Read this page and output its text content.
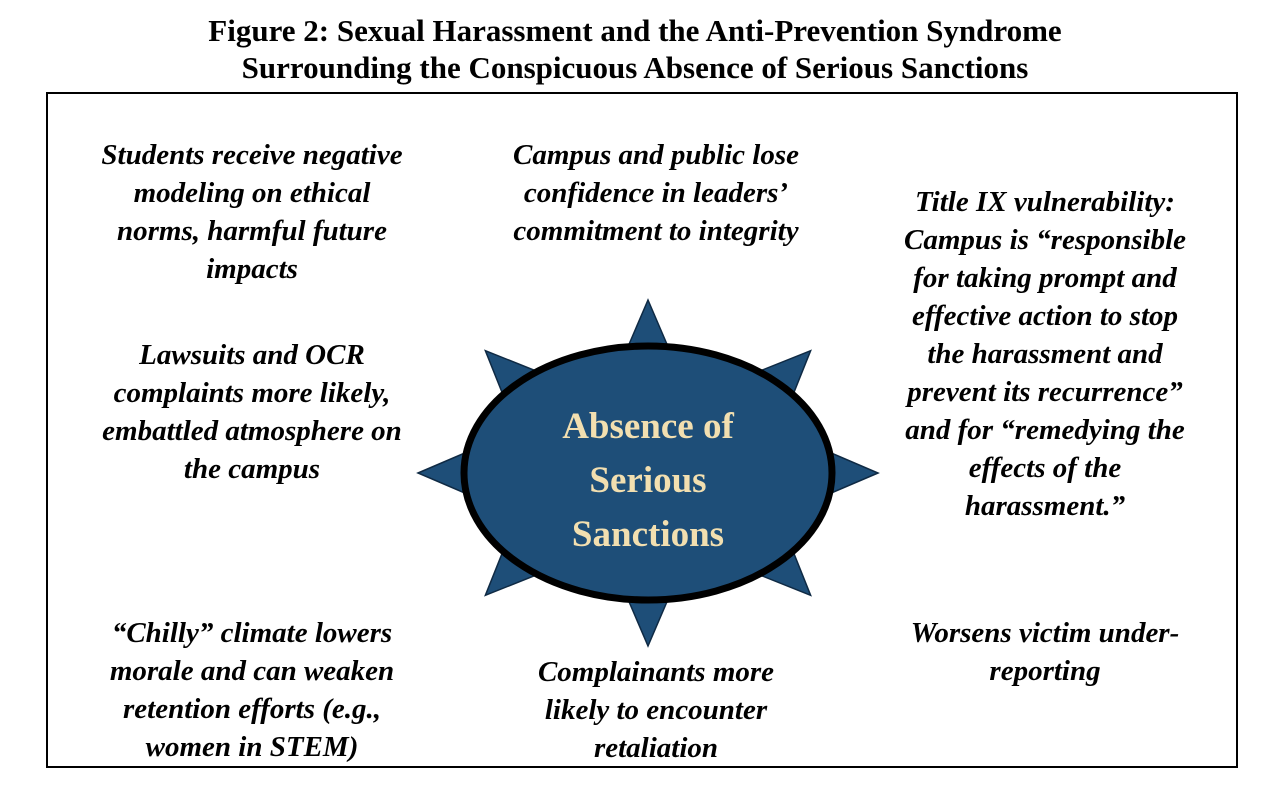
Figure 2: Sexual Harassment and the Anti-Prevention Syndrome
Surrounding the Conspicuous Absence of Serious Sanctions
Absence of
Serious
Sanctions
Students receive negative
modeling on ethical
norms, harmful future
impacts
Campus and public lose
confidence in leaders’
commitment to integrity
Title IX vulnerability:
Campus is “responsible
for taking prompt and
effective action to stop
the harassment and
prevent its recurrence”
and for “remedying the
effects of the
harassment.”
Lawsuits and OCR
complaints more likely,
embattled atmosphere on
the campus
“Chilly” climate lowers
morale and can weaken
retention efforts (e.g.,
women in STEM)
Complainants more
likely to encounter
retaliation
Worsens victim under-
reporting
